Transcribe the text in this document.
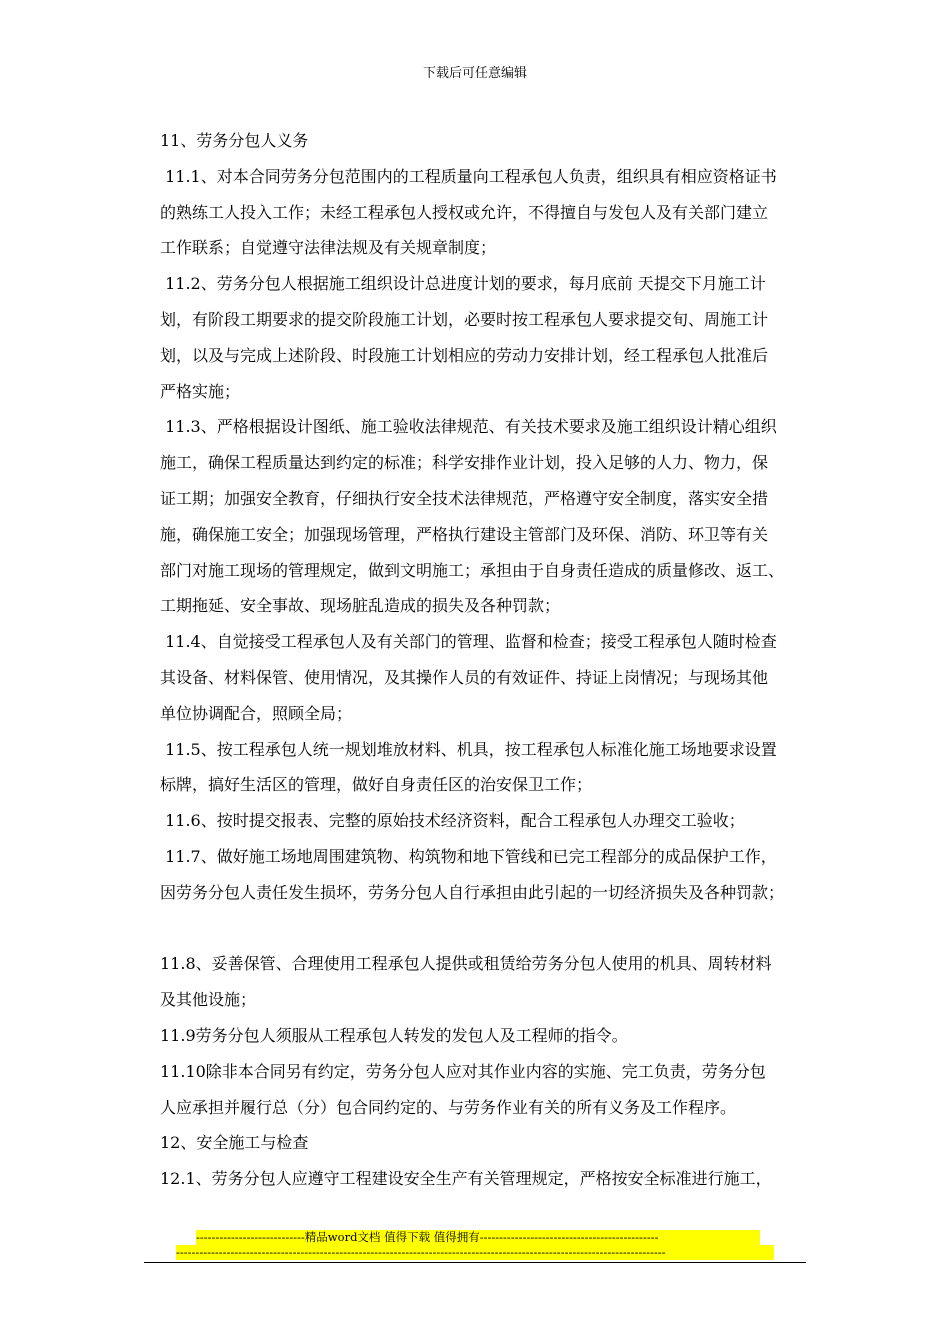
下载后可任意编辑

11、劳务分包人义务

11.1、对本合同劳务分包范围内的工程质量向工程承包人负责，组织具有相应资格证书

的熟练工人投入工作；未经工程承包人授权或允许，不得擅自与发包人及有关部门建立

工作联系；自觉遵守法律法规及有关规章制度；

11.2、劳务分包人根据施工组织设计总进度计划的要求，每月底前 天提交下月施工计

划，有阶段工期要求的提交阶段施工计划，必要时按工程承包人要求提交旬、周施工计

划，以及与完成上述阶段、时段施工计划相应的劳动力安排计划，经工程承包人批准后

严格实施；

11.3、严格根据设计图纸、施工验收法律规范、有关技术要求及施工组织设计精心组织

施工，确保工程质量达到约定的标准；科学安排作业计划，投入足够的人力、物力，保

证工期；加强安全教育，仔细执行安全技术法律规范，严格遵守安全制度，落实安全措

施，确保施工安全；加强现场管理，严格执行建设主管部门及环保、消防、环卫等有关

部门对施工现场的管理规定，做到文明施工；承担由于自身责任造成的质量修改、返工、

工期拖延、安全事故、现场脏乱造成的损失及各种罚款；

11.4、自觉接受工程承包人及有关部门的管理、监督和检查；接受工程承包人随时检查

其设备、材料保管、使用情况，及其操作人员的有效证件、持证上岗情况；与现场其他

单位协调配合，照顾全局；

11.5、按工程承包人统一规划堆放材料、机具，按工程承包人标准化施工场地要求设置

标牌，搞好生活区的管理，做好自身责任区的治安保卫工作；

11.6、按时提交报表、完整的原始技术经济资料，配合工程承包人办理交工验收；

11.7、做好施工场地周围建筑物、构筑物和地下管线和已完工程部分的成品保护工作，

因劳务分包人责任发生损坏，劳务分包人自行承担由此引起的一切经济损失及各种罚款；

11.8、妥善保管、合理使用工程承包人提供或租赁给劳务分包人使用的机具、周转材料

及其他设施；

11.9劳务分包人须服从工程承包人转发的发包人及工程师的指令。

11.10除非本合同另有约定，劳务分包人应对其作业内容的实施、完工负责，劳务分包

人应承担并履行总（分）包合同约定的、与劳务作业有关的所有义务及工作程序。

12、安全施工与检查

12.1、劳务分包人应遵守工程建设安全生产有关管理规定，严格按安全标准进行施工，

----------------------------精品word文档 值得下载 值得拥有----------------------------------------------
------------------------------------------------------------------------------------------------------------------------------
